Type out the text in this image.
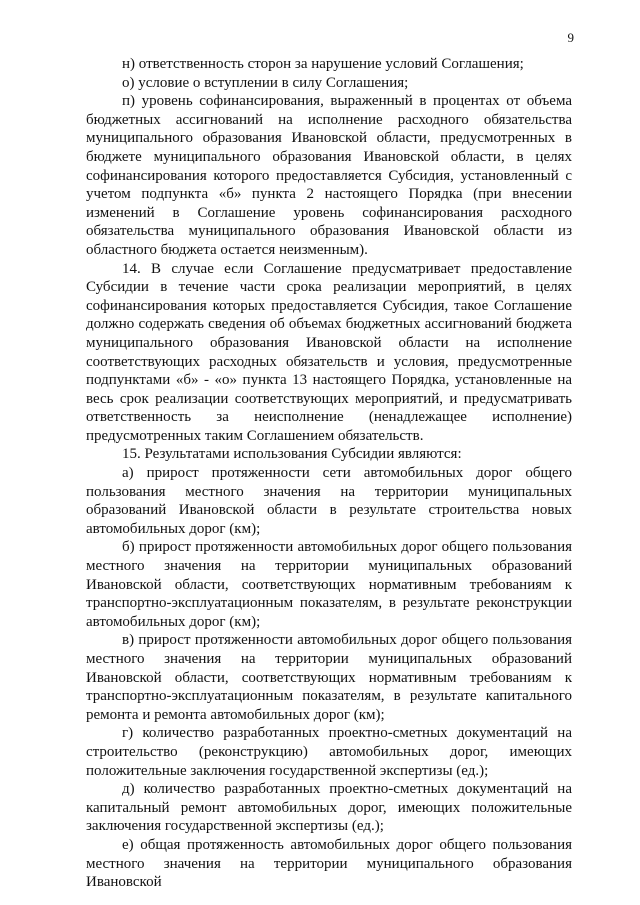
9

н) ответственность сторон за нарушение условий Соглашения;

о) условие о вступлении в силу Соглашения;

п) уровень софинансирования, выраженный в процентах от объема бюджетных ассигнований на исполнение расходного обязательства муниципального образования Ивановской области, предусмотренных в бюджете муниципального образования Ивановской области, в целях софинансирования которого предоставляется Субсидия, установленный с учетом подпункта «б» пункта 2 настоящего Порядка (при внесении изменений в Соглашение уровень софинансирования расходного обязательства муниципального образования Ивановской области из областного бюджета остается неизменным).

14. В случае если Соглашение предусматривает предоставление Субсидии в течение части срока реализации мероприятий, в целях софинансирования которых предоставляется Субсидия, такое Соглашение должно содержать сведения об объемах бюджетных ассигнований бюджета муниципального образования Ивановской области на исполнение соответствующих расходных обязательств и условия, предусмотренные подпунктами «б» - «о» пункта 13 настоящего Порядка, установленные на весь срок реализации соответствующих мероприятий, и предусматривать ответственность за неисполнение (ненадлежащее исполнение) предусмотренных таким Соглашением обязательств.

15. Результатами использования Субсидии являются:

а) прирост протяженности сети автомобильных дорог общего пользования местного значения на территории муниципальных образований Ивановской области в результате строительства новых автомобильных дорог (км);

б) прирост протяженности автомобильных дорог общего пользования местного значения на территории муниципальных образований Ивановской области, соответствующих нормативным требованиям к транспортно-эксплуатационным показателям, в результате реконструкции автомобильных дорог (км);

в) прирост протяженности автомобильных дорог общего пользования местного значения на территории муниципальных образований Ивановской области, соответствующих нормативным требованиям к транспортно-эксплуатационным показателям, в результате капитального ремонта и ремонта автомобильных дорог (км);

г) количество разработанных проектно-сметных документаций на строительство (реконструкцию) автомобильных дорог, имеющих положительные заключения государственной экспертизы (ед.);

д) количество разработанных проектно-сметных документаций на капитальный ремонт автомобильных дорог, имеющих положительные заключения государственной экспертизы (ед.);

е) общая протяженность автомобильных дорог общего пользования местного значения на территории муниципального образования Ивановской
